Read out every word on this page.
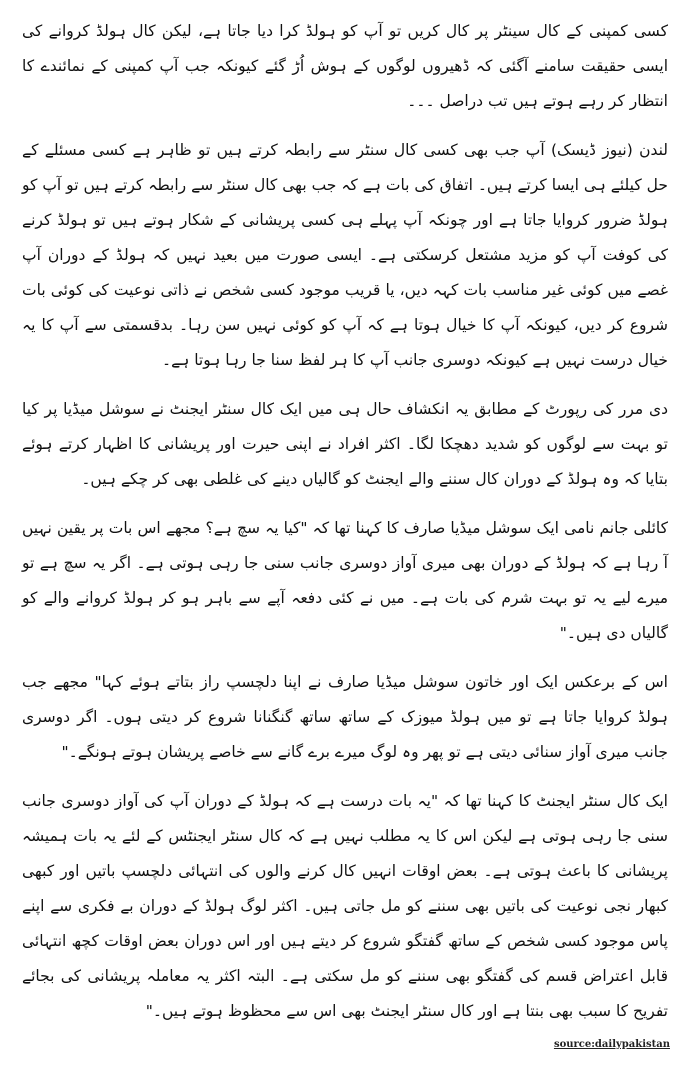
کسی کمپنی کے کال سینٹر پر کال کریں تو آپ کو ہولڈ کرا دیا جاتا ہے، لیکن کال ہولڈ کروانے کی ایسی حقیقت سامنے آگئی کہ ڈھیروں لوگوں کے ہوش اُڑ گئے کیونکہ جب آپ کمپنی کے نمائندے کا انتظار کر رہے ہوتے ہیں تب دراصل ۔۔۔

لندن (نیوز ڈیسک) آپ جب بھی کسی کال سنٹر سے رابطہ کرتے ہیں تو ظاہر ہے کسی مسئلے کے حل کیلئے ہی ایسا کرتے ہیں۔ اتفاق کی بات ہے کہ جب بھی کال سنٹر سے رابطہ کرتے ہیں تو آپ کو ہولڈ ضرور کروایا جاتا ہے اور چونکہ آپ پہلے ہی کسی پریشانی کے شکار ہوتے ہیں تو ہولڈ کرنے کی کوفت آپ کو مزید مشتعل کرسکتی ہے۔ ایسی صورت میں بعید نہیں کہ ہولڈ کے دوران آپ غصے میں کوئی غیر مناسب بات کہہ دیں، یا قریب موجود کسی شخص نے ذاتی نوعیت کی کوئی بات شروع کر دیں، کیونکہ آپ کا خیال ہوتا ہے کہ آپ کو کوئی نہیں سن رہا۔ بدقسمتی سے آپ کا یہ خیال درست نہیں ہے کیونکہ دوسری جانب آپ کا ہر لفظ سنا جا رہا ہوتا ہے۔

دی مرر کی رپورٹ کے مطابق یہ انکشاف حال ہی میں ایک کال سنٹر ایجنٹ نے سوشل میڈیا پر کیا تو بہت سے لوگوں کو شدید دھچکا لگا۔ اکثر افراد نے اپنی حیرت اور پریشانی کا اظہار کرتے ہوئے بتایا کہ وہ ہولڈ کے دوران کال سننے والے ایجنٹ کو گالیاں دینے کی غلطی بھی کر چکے ہیں۔

کائلی جانم نامی ایک سوشل میڈیا صارف کا کہنا تھا کہ "کیا یہ سچ ہے؟ مجھے اس بات پر یقین نہیں آ رہا ہے کہ ہولڈ کے دوران بھی میری آواز دوسری جانب سنی جا رہی ہوتی ہے۔ اگر یہ سچ ہے تو میرے لیے یہ تو بہت شرم کی بات ہے۔ میں نے کئی دفعہ آپے سے باہر ہو کر ہولڈ کروانے والے کو گالیاں دی ہیں۔"

اس کے برعکس ایک اور خاتون سوشل میڈیا صارف نے اپنا دلچسپ راز بتاتے ہوئے کہا" مجھے جب ہولڈ کروایا جاتا ہے تو میں ہولڈ میوزک کے ساتھ ساتھ گنگنانا شروع کر دیتی ہوں۔ اگر دوسری جانب میری آواز سنائی دیتی ہے تو پھر وہ لوگ میرے برے گانے سے خاصے پریشان ہوتے ہونگے۔"

ایک کال سنٹر ایجنٹ کا کہنا تھا کہ "یہ بات درست ہے کہ ہولڈ کے دوران آپ کی آواز دوسری جانب سنی جا رہی ہوتی ہے لیکن اس کا یہ مطلب نہیں ہے کہ کال سنٹر ایجنٹس کے لئے یہ بات ہمیشہ پریشانی کا باعث ہوتی ہے۔ بعض اوقات انہیں کال کرنے والوں کی انتہائی دلچسپ باتیں اور کبھی کبھار نجی نوعیت کی باتیں بھی سننے کو مل جاتی ہیں۔ اکثر لوگ ہولڈ کے دوران بے فکری سے اپنے پاس موجود کسی شخص کے ساتھ گفتگو شروع کر دیتے ہیں اور اس دوران بعض اوقات کچھ انتہائی قابل اعتراض قسم کی گفتگو بھی سننے کو مل سکتی ہے۔ البتہ اکثر یہ معاملہ پریشانی کی بجائے تفریح کا سبب بھی بنتا ہے اور کال سنٹر ایجنٹ بھی اس سے محظوظ ہوتے ہیں۔"

source:dailypakistan
